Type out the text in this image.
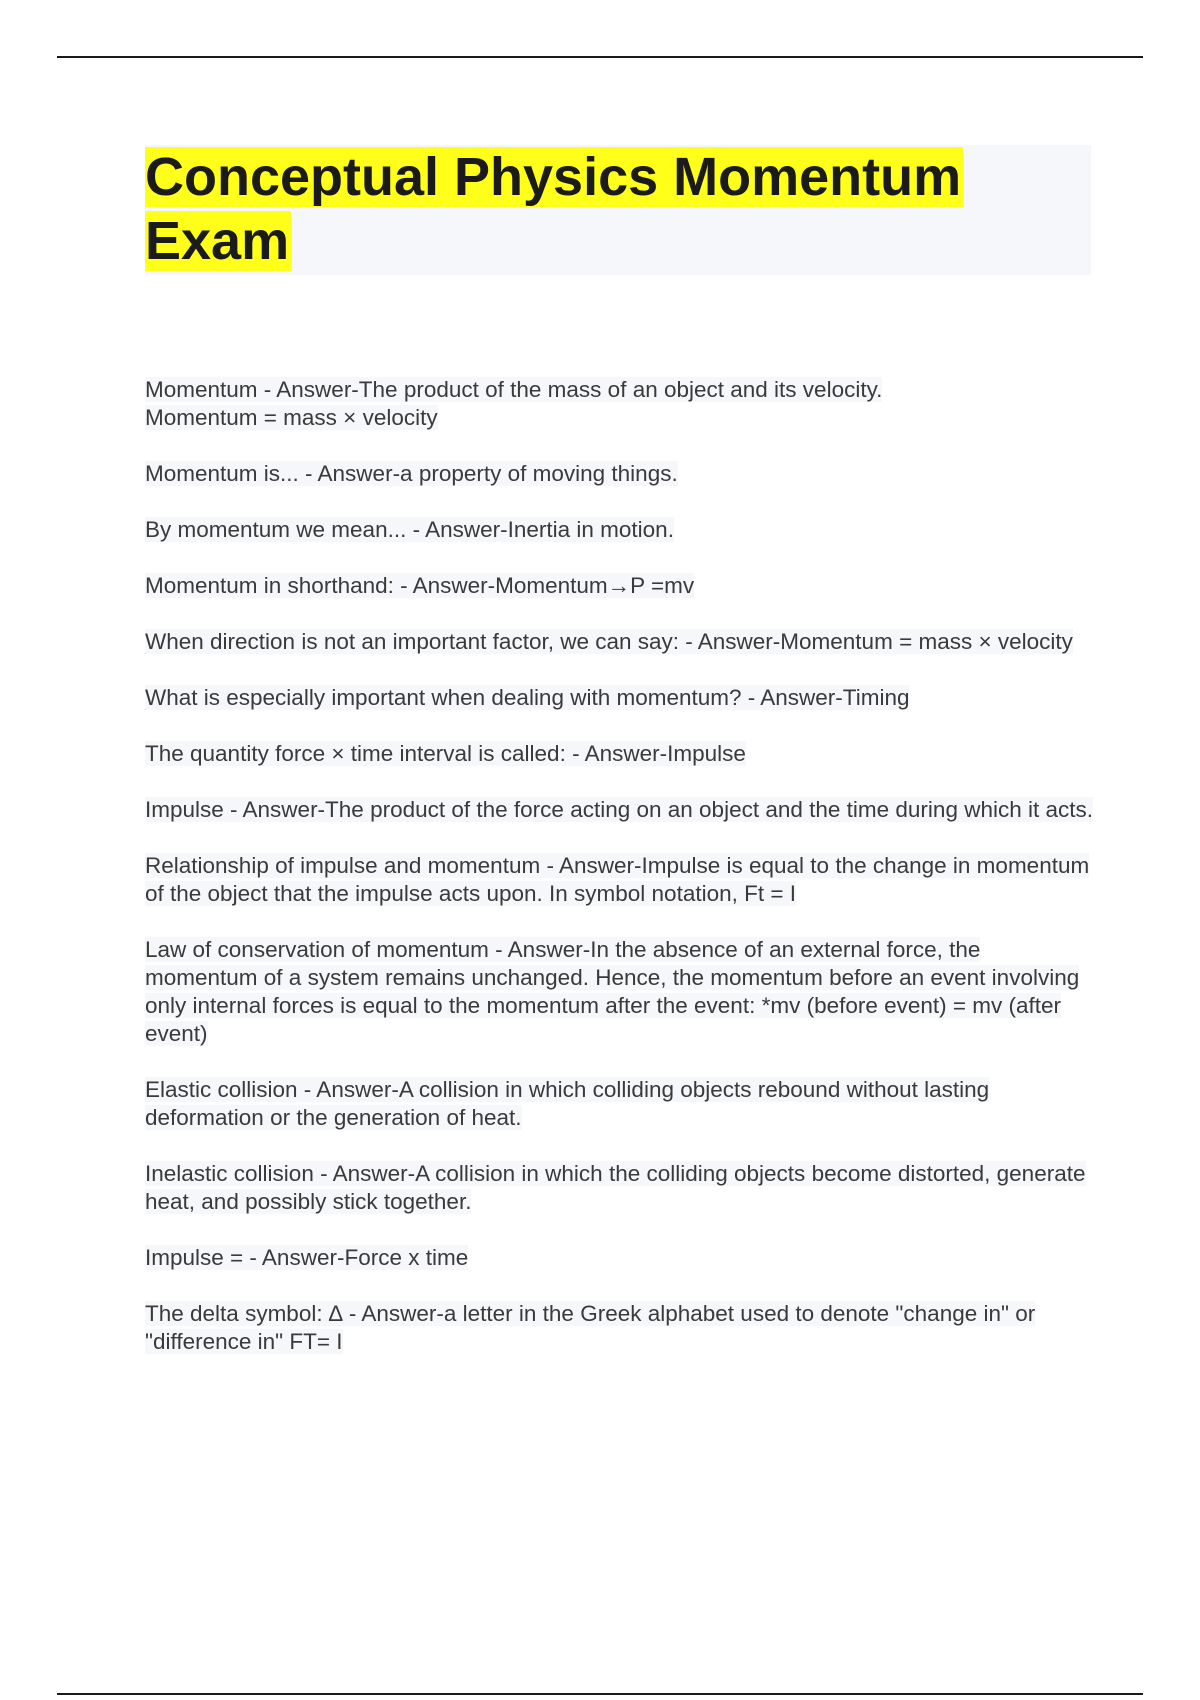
Conceptual Physics Momentum Exam
Momentum - Answer-The product of the mass of an object and its velocity.
Momentum = mass × velocity
Momentum is... - Answer-a property of moving things.
By momentum we mean... - Answer-Inertia in motion.
Momentum in shorthand: - Answer-Momentum→P =mv
When direction is not an important factor, we can say: - Answer-Momentum = mass × velocity
What is especially important when dealing with momentum? - Answer-Timing
The quantity force × time interval is called: - Answer-Impulse
Impulse - Answer-The product of the force acting on an object and the time during which it acts.
Relationship of impulse and momentum - Answer-Impulse is equal to the change in momentum of the object that the impulse acts upon. In symbol notation, Ft = I
Law of conservation of momentum - Answer-In the absence of an external force, the momentum of a system remains unchanged. Hence, the momentum before an event involving only internal forces is equal to the momentum after the event: *mv (before event) = mv (after event)
Elastic collision - Answer-A collision in which colliding objects rebound without lasting deformation or the generation of heat.
Inelastic collision - Answer-A collision in which the colliding objects become distorted, generate heat, and possibly stick together.
Impulse = - Answer-Force x time
The delta symbol: ∆ - Answer-a letter in the Greek alphabet used to denote "change in" or "difference in" FT= I
